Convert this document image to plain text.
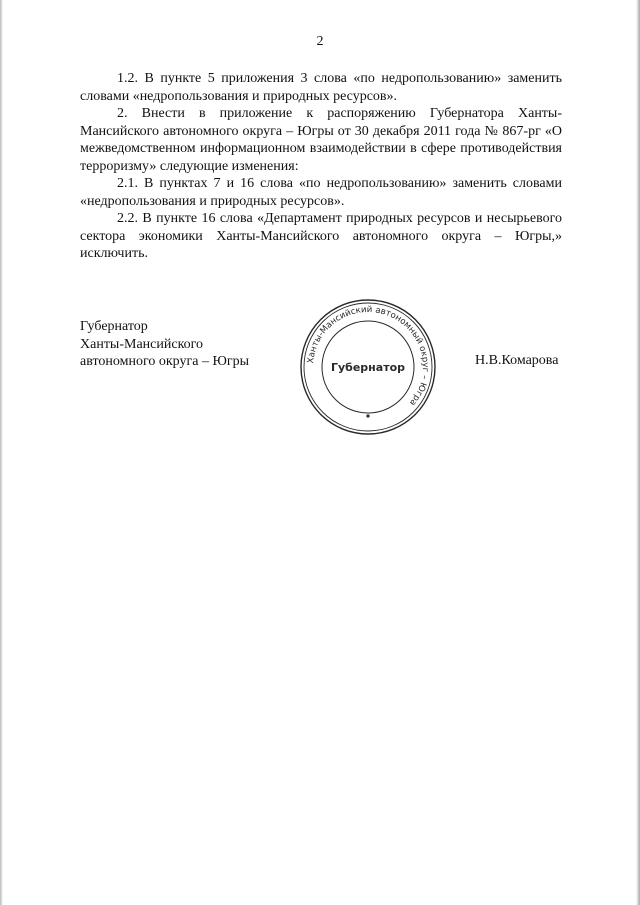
2

1.2. В пункте 5 приложения 3 слова «по недропользованию» заменить словами «недропользования и природных ресурсов».

2. Внести в приложение к распоряжению Губернатора Ханты-Мансийского автономного округа – Югры от 30 декабря 2011 года № 867-рг «О межведомственном информационном взаимодействии в сфере противодействия терроризму» следующие изменения:

2.1. В пунктах 7 и 16 слова «по недропользованию» заменить словами «недропользования и природных ресурсов».

2.2. В пункте 16 слова «Департамент природных ресурсов и несырьевого сектора экономики Ханты-Мансийского автономного округа – Югры,» исключить.

Губернатор
Ханты-Мансийского
автономного округа – Югры	Ханты-Мансийский автономный округ – Югра
Губернатор	Н.В.Комарова
